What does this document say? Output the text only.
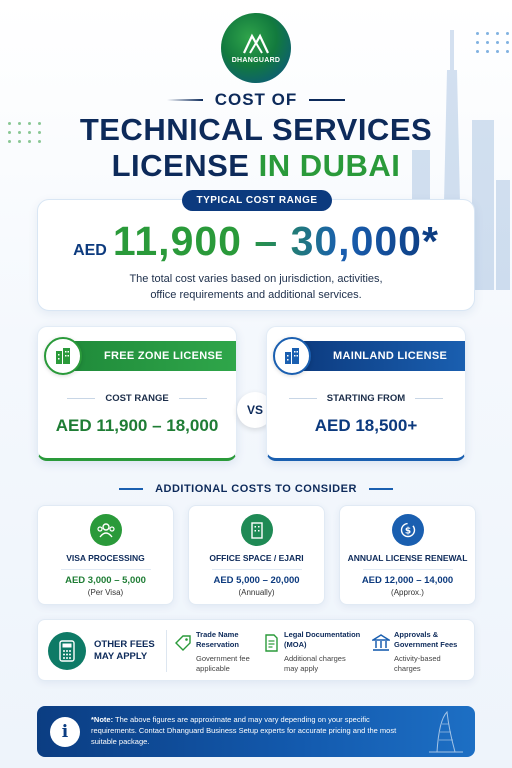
DHANGUARD
COST OF
TECHNICAL SERVICES
LICENSE IN DUBAI
AED 11,900 – 30,000*
The total cost varies based on jurisdiction, activities,
office requirements and additional services.
TYPICAL COST RANGE
FREE ZONE LICENSE
COST RANGE
AED 11,900 – 18,000
VS
MAINLAND LICENSE
STARTING FROM
AED 18,500+
ADDITIONAL COSTS TO CONSIDER
VISA PROCESSING
AED 3,000 – 5,000
(Per Visa)
OFFICE SPACE / EJARI
AED 5,000 – 20,000
(Annually)
$
ANNUAL LICENSE RENEWAL
AED 12,000 – 14,000
(Approx.)
OTHER FEES
MAY APPLY
Trade Name
Reservation
Government fee
applicable
Legal Documentation
(MOA)
Additional charges
may apply
Approvals &
Government Fees
Activity-based
charges
i
*Note: The above figures are approximate and may vary depending on your specific requirements. Contact Dhanguard Business Setup experts for accurate pricing and the most suitable package.
